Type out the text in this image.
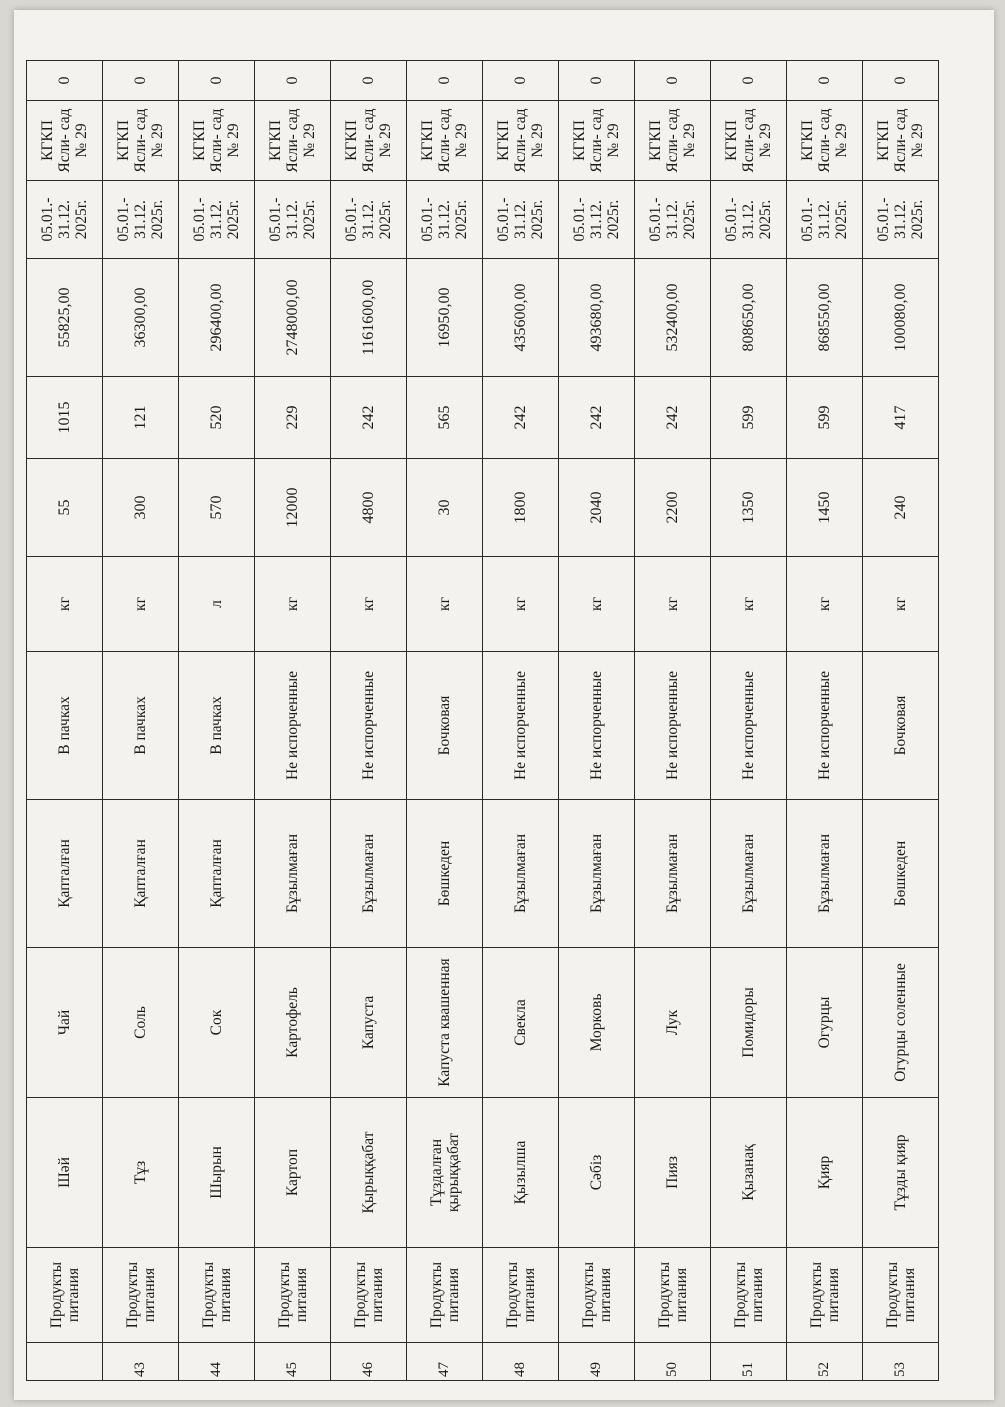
	Продукты питания	Шәй	Чай	Қапталған	В пачках	кг	55	1015	55825,00	05.01.- 31.12. 2025г.	КГКП Ясли- сад № 29	0
43	Продукты питания	Тұз	Соль	Қапталған	В пачках	кг	300	121	36300,00	05.01.- 31.12. 2025г.	КГКП Ясли- сад № 29	0
44	Продукты питания	Шырын	Сок	Қапталған	В пачках	л	570	520	296400,00	05.01.- 31.12. 2025г.	КГКП Ясли- сад № 29	0
45	Продукты питания	Картоп	Картофель	Бұзылмаған	Не испорченные	кг	12000	229	2748000,00	05.01.- 31.12. 2025г.	КГКП Ясли- сад № 29	0
46	Продукты питания	Қырыққабат	Капуста	Бұзылмаған	Не испорченные	кг	4800	242	1161600,00	05.01.- 31.12. 2025г.	КГКП Ясли- сад № 29	0
47	Продукты питания	Тұздалған қырыққабат	Капуста квашенная	Бөшкеден	Бочковая	кг	30	565	16950,00	05.01.- 31.12. 2025г.	КГКП Ясли- сад № 29	0
48	Продукты питания	Қызылша	Свекла	Бұзылмаған	Не испорченные	кг	1800	242	435600,00	05.01.- 31.12. 2025г.	КГКП Ясли- сад № 29	0
49	Продукты питания	Сәбіз	Морковь	Бұзылмаған	Не испорченные	кг	2040	242	493680,00	05.01.- 31.12. 2025г.	КГКП Ясли- сад № 29	0
50	Продукты питания	Пияз	Лук	Бұзылмаған	Не испорченные	кг	2200	242	532400,00	05.01.- 31.12. 2025г.	КГКП Ясли- сад № 29	0
51	Продукты питания	Қызанақ	Помидоры	Бұзылмаған	Не испорченные	кг	1350	599	808650,00	05.01.- 31.12. 2025г.	КГКП Ясли- сад № 29	0
52	Продукты питания	Қияр	Огурцы	Бұзылмаған	Не испорченные	кг	1450	599	868550,00	05.01.- 31.12. 2025г.	КГКП Ясли- сад № 29	0
53	Продукты питания	Тұзды қияр	Огурцы соленные	Бөшкеден	Бочковая	кг	240	417	100080,00	05.01.- 31.12. 2025г.	КГКП Ясли- сад № 29	0
